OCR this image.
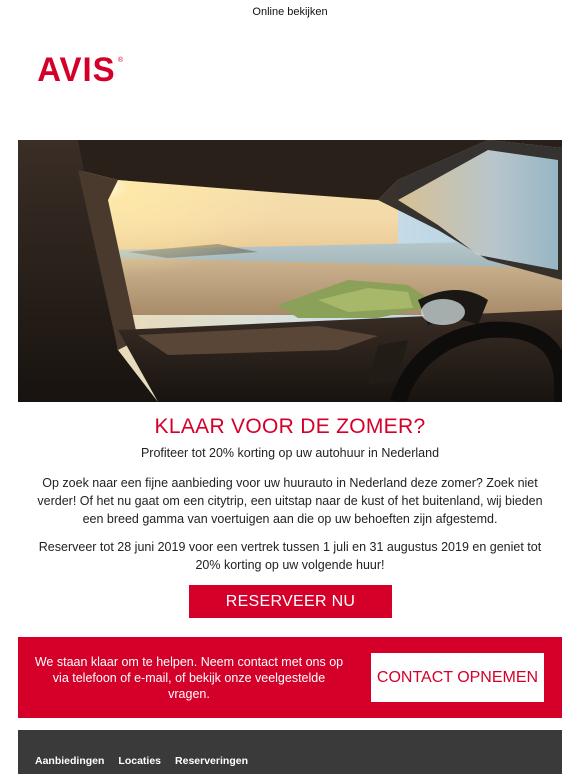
Online bekijken
AVIS ®
KLAAR VOOR DE ZOMER?
Profiteer tot 20% korting op uw autohuur in Nederland

Op zoek naar een fijne aanbieding voor uw huurauto in Nederland deze zomer? Zoek niet verder! Of het nu gaat om een citytrip, een uitstap naar de kust of het buitenland, wij bieden een breed gamma van voertuigen aan die op uw behoeften zijn afgestemd.

Reserveer tot 28 juni 2019 voor een vertrek tussen 1 juli en 31 augustus 2019 en geniet tot 20% korting op uw volgende huur!

RESERVEER NU
We staan klaar om te helpen. Neem contact met ons op via telefoon of e-mail, of bekijk onze veelgestelde vragen.
CONTACT OPNEMEN
Aanbiedingen Locaties Reserveringen
